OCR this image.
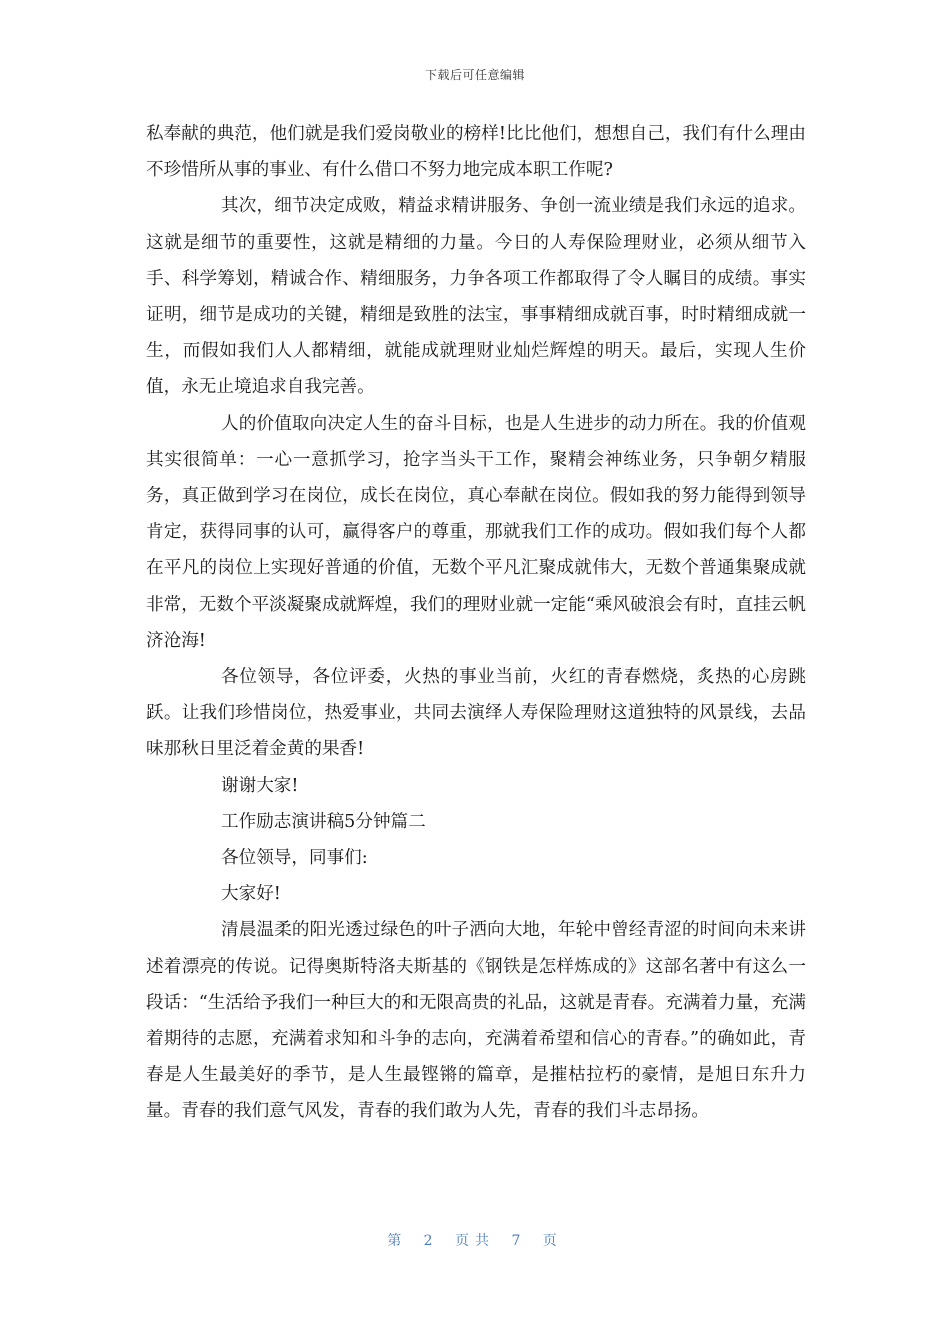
下载后可任意编辑

私奉献的典范，他们就是我们爱岗敬业的榜样!比比他们，想想自己，我们有什么理由不珍惜所从事的事业、有什么借口不努力地完成本职工作呢?

其次，细节决定成败，精益求精讲服务、争创一流业绩是我们永远的追求。这就是细节的重要性，这就是精细的力量。今日的人寿保险理财业，必须从细节入手、科学筹划，精诚合作、精细服务，力争各项工作都取得了令人瞩目的成绩。事实证明，细节是成功的关键，精细是致胜的法宝，事事精细成就百事，时时精细成就一生，而假如我们人人都精细，就能成就理财业灿烂辉煌的明天。最后，实现人生价值，永无止境追求自我完善。

人的价值取向决定人生的奋斗目标，也是人生进步的动力所在。我的价值观其实很简单：一心一意抓学习，抢字当头干工作，聚精会神练业务，只争朝夕精服务，真正做到学习在岗位，成长在岗位，真心奉献在岗位。假如我的努力能得到领导肯定，获得同事的认可，赢得客户的尊重，那就我们工作的成功。假如我们每个人都在平凡的岗位上实现好普通的价值，无数个平凡汇聚成就伟大，无数个普通集聚成就非常，无数个平淡凝聚成就辉煌，我们的理财业就一定能“乘风破浪会有时，直挂云帆济沧海!

各位领导，各位评委，火热的事业当前，火红的青春燃烧，炙热的心房跳跃。让我们珍惜岗位，热爱事业，共同去演绎人寿保险理财这道独特的风景线，去品味那秋日里泛着金黄的果香!

谢谢大家!

工作励志演讲稿5分钟篇二

各位领导，同事们:

大家好!

清晨温柔的阳光透过绿色的叶子洒向大地，年轮中曾经青涩的时间向未来讲述着漂亮的传说。记得奥斯特洛夫斯基的《钢铁是怎样炼成的》这部名著中有这么一段话：“生活给予我们一种巨大的和无限高贵的礼品，这就是青春。充满着力量，充满着期待的志愿，充满着求知和斗争的志向，充满着希望和信心的青春。”的确如此，青春是人生最美好的季节，是人生最铿锵的篇章，是摧枯拉朽的豪情，是旭日东升力量。青春的我们意气风发，青春的我们敢为人先，青春的我们斗志昂扬。

第 2 页共 7 页
